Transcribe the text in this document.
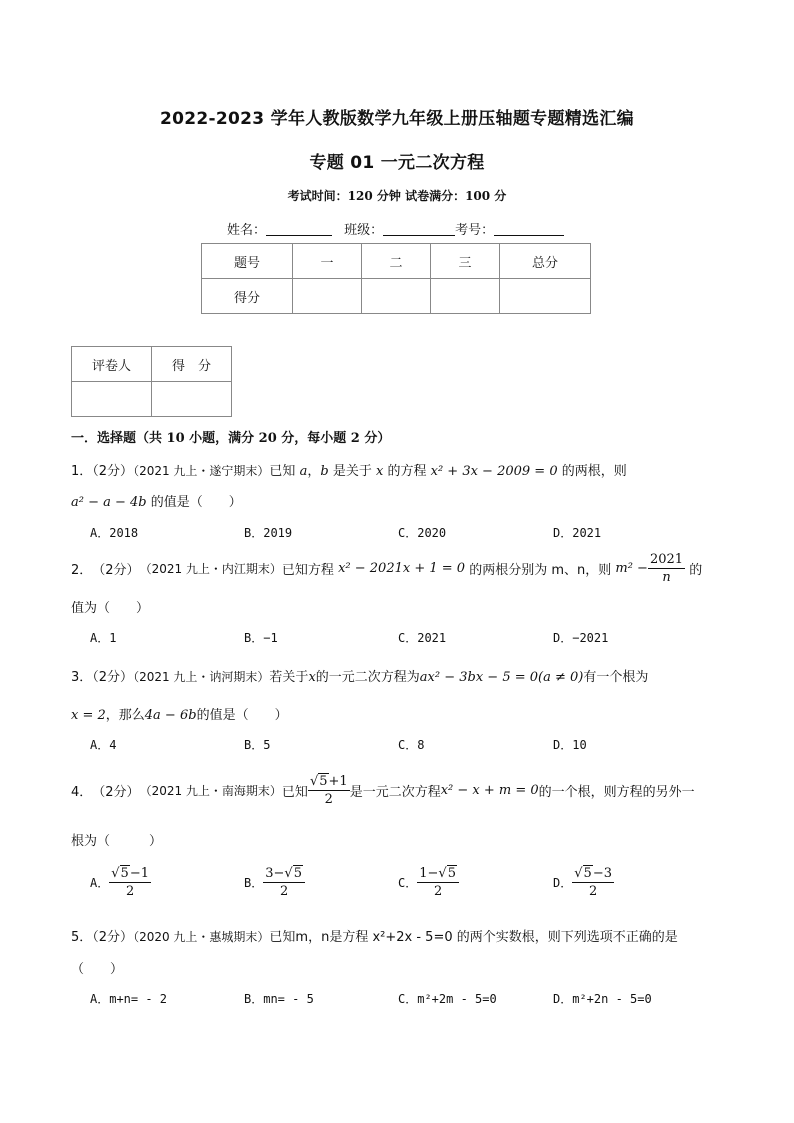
2022-2023 学年人教版数学九年级上册压轴题专题精选汇编
专题 01 一元二次方程
考试时间：120 分钟 试卷满分：100 分
姓名：	班级：	考号：
题号	一	二	三	总分
得分				
评卷人	得　分

一．选择题（共 10 小题，满分 20 分，每小题 2 分）
1．（2分）（2021 九上・遂宁期末）已知 a，b 是关于 x 的方程 x² + 3x − 2009 = 0 的两根，则
a² − a − 4b 的值是（　　）
A．2018	B．2019	C．2020	D．2021
2． （2分） （2021 九上・内江期末） 已知方程
x² − 2021x + 1 = 0
的两根分别为 m、n，则
$m^2 - \frac{2021}{n}$
的
值为（　　）
A．1	B．−1	C．2021	D．−2021
3．（2分）（2021 九上・讷河期末）若关于x的一元二次方程为ax² − 3bx − 5 = 0(a ≠ 0)有一个根为
x = 2，那么4a − 6b的值是（　　）
A．4	B．5	C．8	D．10
4． （2分） （2021 九上・南海期末） 已知 $\frac{√5+1}{2}$ 是一元二次方程 x² − x + m = 0 的一个根，则方程的另外一
根为（　　　）
A． $\frac{√5-1}{2}$	B． $\frac{3-√5}{2}$	C． $\frac{1-√5}{2}$	D． $\frac{√5-3}{2}$
5．（2分）（2020 九上・惠城期末）已知m，n是方程 x²+2x - 5=0 的两个实数根，则下列选项不正确的是
（　　）
A．m+n= - 2	B．mn= - 5	C．m²+2m - 5=0	D．m²+2n - 5=0
